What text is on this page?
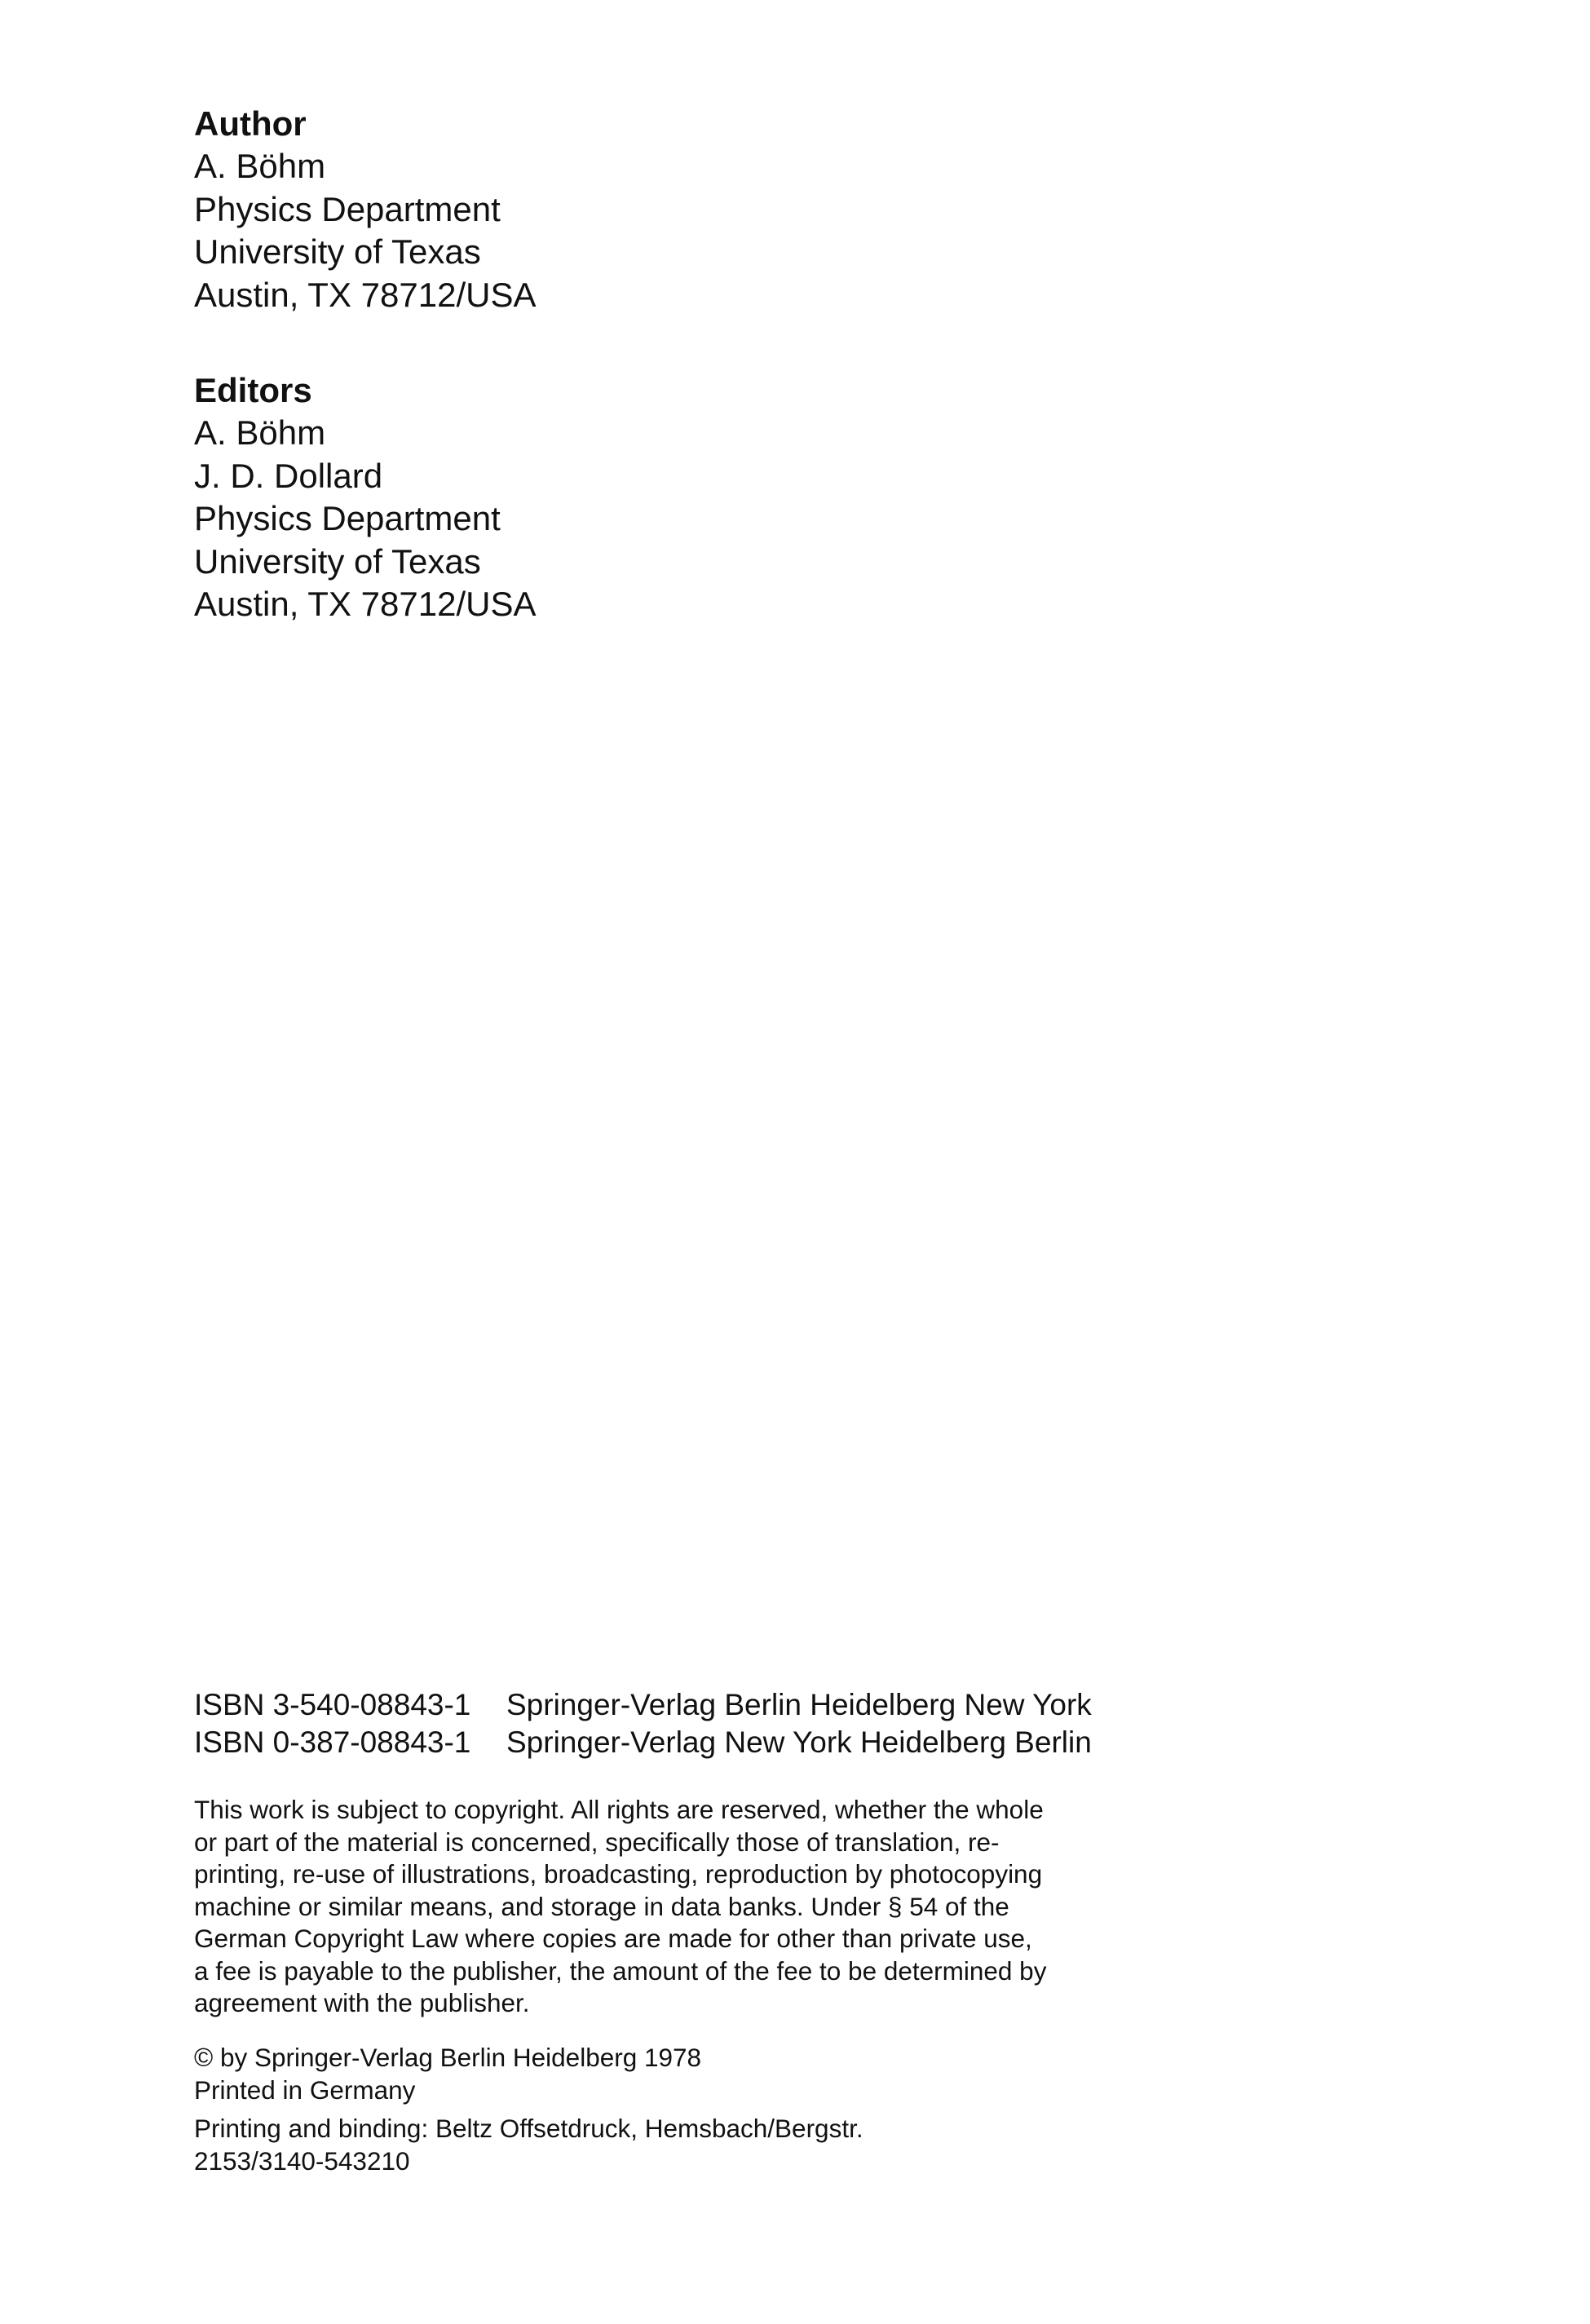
Author

A. Böhm

Physics Department

University of Texas

Austin, TX 78712/USA

Editors

A. Böhm

J. D. Dollard

Physics Department

University of Texas

Austin, TX 78712/USA

ISBN 3-540-08843-1 Springer-Verlag Berlin Heidelberg New York
ISBN 0-387-08843-1 Springer-Verlag New York Heidelberg Berlin

This work is subject to copyright. All rights are reserved, whether the whole

or part of the material is concerned, specifically those of translation, re-

printing, re-use of illustrations, broadcasting, reproduction by photocopying

machine or similar means, and storage in data banks. Under § 54 of the

German Copyright Law where copies are made for other than private use,

a fee is payable to the publisher, the amount of the fee to be determined by

agreement with the publisher.

© by Springer-Verlag Berlin Heidelberg 1978

Printed in Germany

Printing and binding: Beltz Offsetdruck, Hemsbach/Bergstr.

2153/3140-543210
